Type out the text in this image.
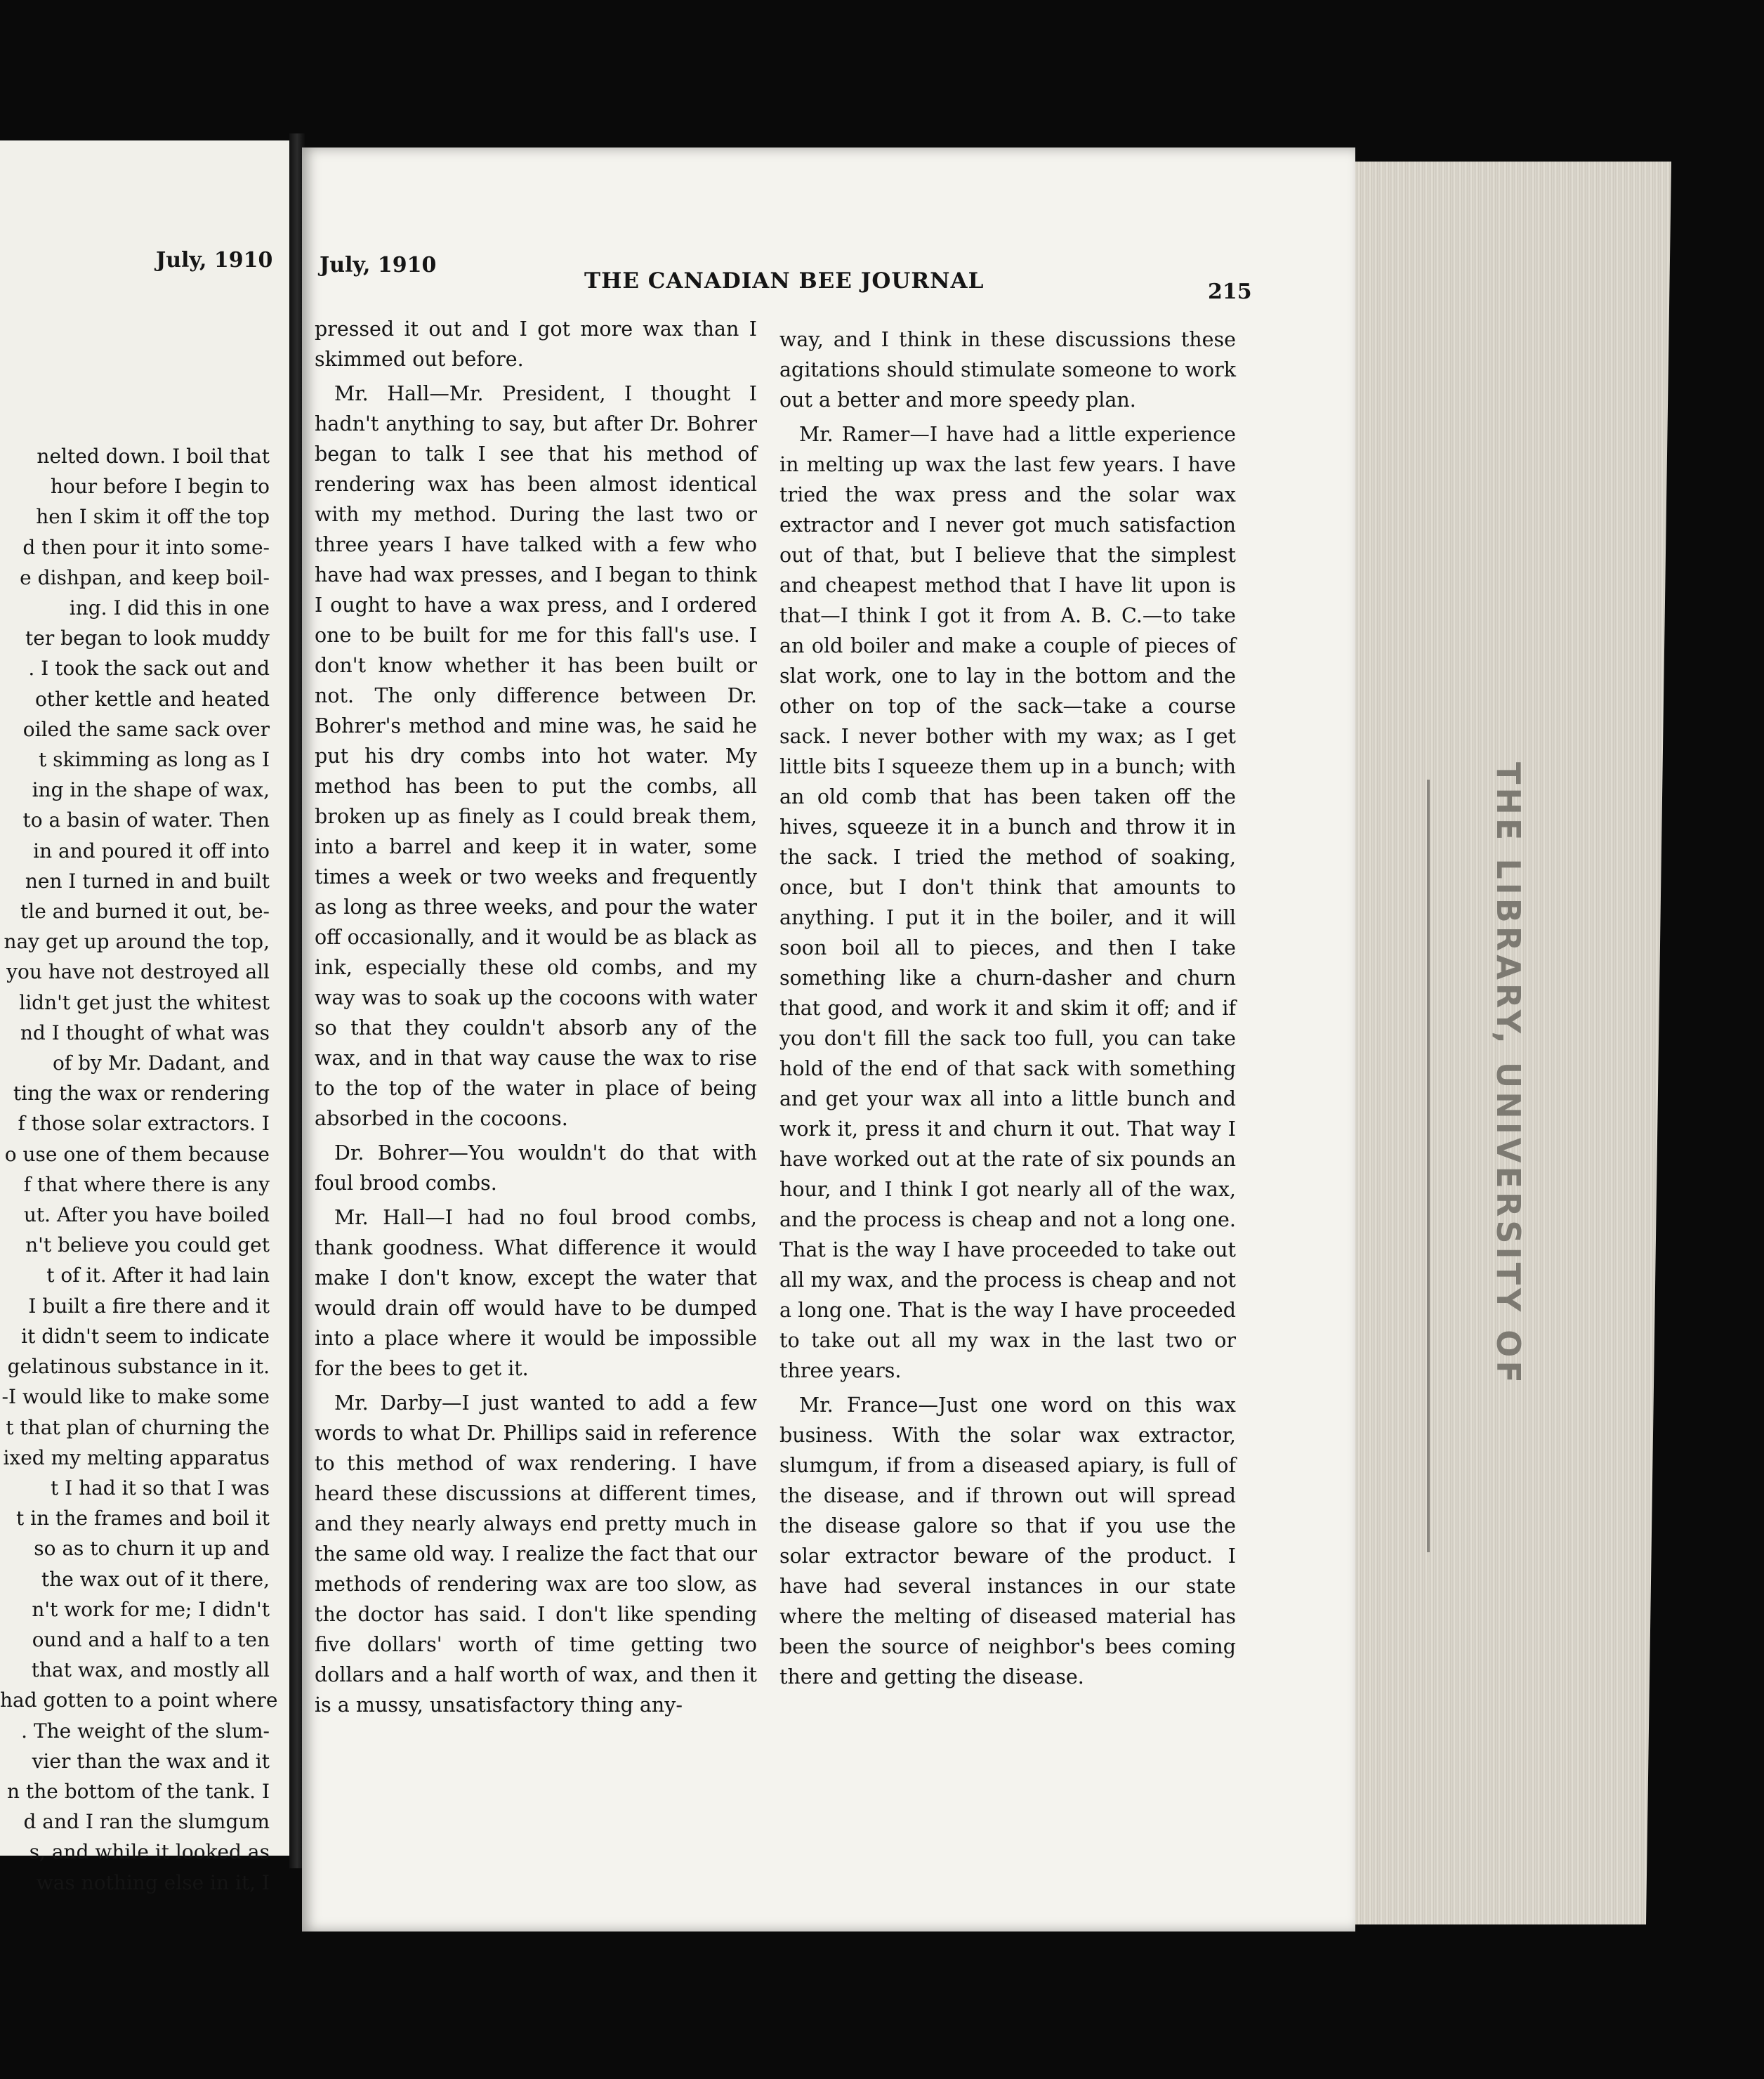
nelted down. I boil that
hour before I begin to
hen I skim it off the top
d then pour it into some-
e dishpan, and keep boil-
ing. I did this in one
ter began to look muddy
. I took the sack out and
other kettle and heated
oiled the same sack over
t skimming as long as I
ing in the shape of wax,
to a basin of water. Then
in and poured it off into
nen I turned in and built
tle and burned it out, be-
nay get up around the top,
you have not destroyed all
lidn't get just the whitest
nd I thought of what was
of by Mr. Dadant, and
ting the wax or rendering
f those solar extractors. I
o use one of them because
f that where there is any
ut. After you have boiled
n't believe you could get
t of it. After it had lain
I built a fire there and it
it didn't seem to indicate
gelatinous substance in it.
-I would like to make some
t that plan of churning the
ixed my melting apparatus
t I had it so that I was
t in the frames and boil it
so as to churn it up and
the wax out of it there,
n't work for me; I didn't
ound and a half to a ten
that wax, and mostly all
had gotten to a point where
. The weight of the slum-
vier than the wax and it
n the bottom of the tank. I
d and I ran the slumgum
s, and while it looked as
was nothing else in it, I
THE LIBRARY, UNIVERSITY OF
July, 1910 July, 1910
THE CANADIAN BEE JOURNAL	215

pressed it out and I got more wax than I skimmed out before.

Mr. Hall—Mr. President, I thought I hadn't anything to say, but after Dr. Bohrer began to talk I see that his method of rendering wax has been almost identical with my method. During the last two or three years I have talked with a few who have had wax presses, and I began to think I ought to have a wax press, and I ordered one to be built for me for this fall's use. I don't know whether it has been built or not. The only difference between Dr. Bohrer's method and mine was, he said he put his dry combs into hot water. My method has been to put the combs, all broken up as finely as I could break them, into a barrel and keep it in water, some times a week or two weeks and frequently as long as three weeks, and pour the water off occasionally, and it would be as black as ink, especially these old combs, and my way was to soak up the cocoons with water so that they couldn't absorb any of the wax, and in that way cause the wax to rise to the top of the water in place of being absorbed in the cocoons.

Dr. Bohrer—You wouldn't do that with foul brood combs.

Mr. Hall—I had no foul brood combs, thank goodness. What difference it would make I don't know, except the water that would drain off would have to be dumped into a place where it would be impossible for the bees to get it.

Mr. Darby—I just wanted to add a few words to what Dr. Phillips said in reference to this method of wax rendering. I have heard these discussions at different times, and they nearly always end pretty much in the same old way. I realize the fact that our methods of rendering wax are too slow, as the doctor has said. I don't like spending five dollars' worth of time getting two dollars and a half worth of wax, and then it is a mussy, unsatisfactory thing any-

way, and I think in these discussions these agitations should stimulate someone to work out a better and more speedy plan.

Mr. Ramer—I have had a little experience in melting up wax the last few years. I have tried the wax press and the solar wax extractor and I never got much satisfaction out of that, but I believe that the simplest and cheapest method that I have lit upon is that—I think I got it from A. B. C.—to take an old boiler and make a couple of pieces of slat work, one to lay in the bottom and the other on top of the sack—take a course sack. I never bother with my wax; as I get little bits I squeeze them up in a bunch; with an old comb that has been taken off the hives, squeeze it in a bunch and throw it in the sack. I tried the method of soaking, once, but I don't think that amounts to anything. I put it in the boiler, and it will soon boil all to pieces, and then I take something like a churn-dasher and churn that good, and work it and skim it off; and if you don't fill the sack too full, you can take hold of the end of that sack with something and get your wax all into a little bunch and work it, press it and churn it out. That way I have worked out at the rate of six pounds an hour, and I think I got nearly all of the wax, and the process is cheap and not a long one. That is the way I have proceeded to take out all my wax, and the process is cheap and not a long one. That is the way I have proceeded to take out all my wax in the last two or three years.

Mr. France—Just one word on this wax business. With the solar wax extractor, slumgum, if from a diseased apiary, is full of the disease, and if thrown out will spread the disease galore so that if you use the solar extractor beware of the product. I have had several instances in our state where the melting of diseased material has been the source of neighbor's bees coming there and getting the disease.
